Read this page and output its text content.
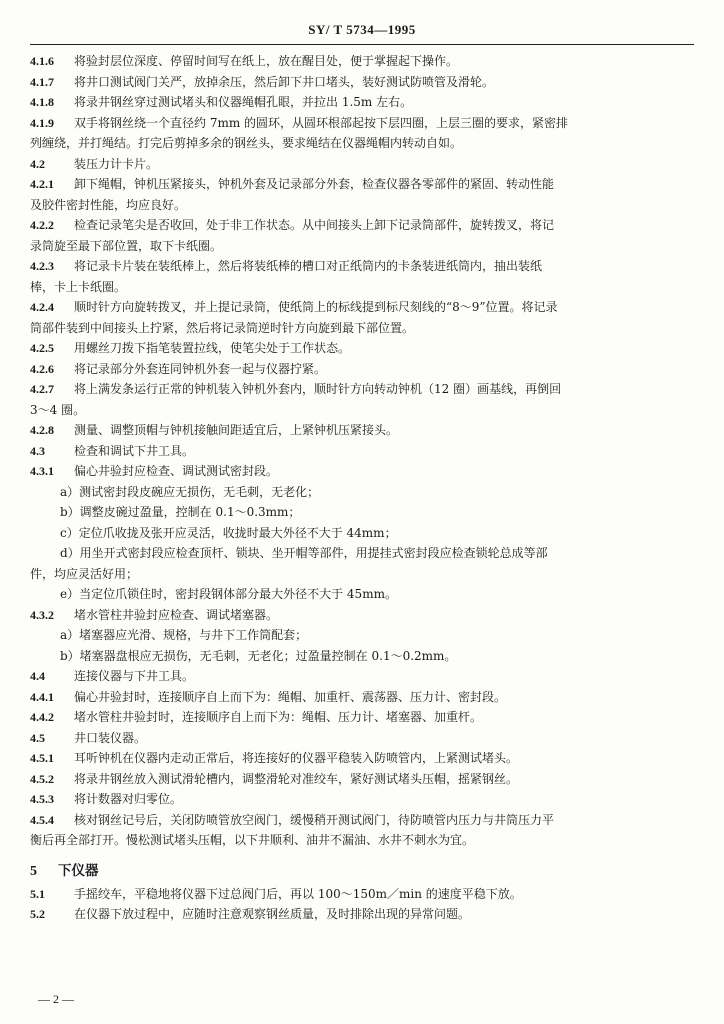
SY/ T 5734—1995
4.1.6 将验封层位深度、停留时间写在纸上，放在醒目处，便于掌握起下操作。
4.1.7 将井口测试阀门关严，放掉余压，然后卸下井口堵头，装好测试防喷管及滑轮。
4.1.8 将录井钢丝穿过测试堵头和仪器绳帽孔眼，并拉出 1.5m 左右。
4.1.9 双手将钢丝绕一个直径约 7mm 的圆环，从圆环根部起按下层四圈，上层三圈的要求，紧密排
列缠绕，并打绳结。打完后剪掉多余的钢丝头，要求绳结在仪器绳帽内转动自如。
4.2 装压力计卡片。
4.2.1 卸下绳帽，钟机压紧接头，钟机外套及记录部分外套，检查仪器各零部件的紧固、转动性能
及胶件密封性能，均应良好。
4.2.2 检查记录笔尖是否收回，处于非工作状态。从中间接头上卸下记录筒部件，旋转拨叉，将记
录筒旋至最下部位置，取下卡纸圈。
4.2.3 将记录卡片装在装纸棒上，然后将装纸棒的槽口对正纸筒内的卡条装进纸筒内，抽出装纸
棒，卡上卡纸圈。
4.2.4 顺时针方向旋转拨叉，并上提记录筒，使纸筒上的标线提到标尺刻线的“8～9”位置。将记录
筒部件装到中间接头上拧紧，然后将记录筒逆时针方向旋到最下部位置。
4.2.5 用螺丝刀拨下指笔装置拉线，使笔尖处于工作状态。
4.2.6 将记录部分外套连同钟机外套一起与仪器拧紧。
4.2.7 将上满发条运行正常的钟机装入钟机外套内，顺时针方向转动钟机（12 圈）画基线，再倒回
3～4 圈。
4.2.8 测量、调整顶帽与钟机接触间距适宜后，上紧钟机压紧接头。
4.3 检查和调试下井工具。
4.3.1 偏心井验封应检查、调试测试密封段。
a）测试密封段皮碗应无损伤，无毛刺，无老化；
b）调整皮碗过盈量，控制在 0.1～0.3mm；
c）定位爪收拢及张开应灵活，收拢时最大外径不大于 44mm；
d）用坐开式密封段应检查顶杆、锁块、坐开帽等部件，用提挂式密封段应检查锁轮总成等部
件，均应灵活好用；
e）当定位爪锁住时，密封段钢体部分最大外径不大于 45mm。
4.3.2 堵水管柱井验封应检查、调试堵塞器。
a）堵塞器应光滑、规格，与井下工作筒配套；
b）堵塞器盘根应无损伤，无毛刺，无老化；过盈量控制在 0.1～0.2mm。
4.4 连接仪器与下井工具。
4.4.1 偏心井验封时，连接顺序自上而下为：绳帽、加重杆、震荡器、压力计、密封段。
4.4.2 堵水管柱井验封时，连接顺序自上而下为：绳帽、压力计、堵塞器、加重杆。
4.5 井口装仪器。
4.5.1 耳听钟机在仪器内走动正常后，将连接好的仪器平稳装入防喷管内，上紧测试堵头。
4.5.2 将录井钢丝放入测试滑轮槽内，调整滑轮对准绞车，紧好测试堵头压帽，摇紧钢丝。
4.5.3 将计数器对归零位。
4.5.4 核对钢丝记号后，关闭防喷管放空阀门，缓慢稍开测试阀门，待防喷管内压力与井筒压力平
衡后再全部打开。慢松测试堵头压帽，以下井顺利、油井不漏油、水井不刺水为宜。
5 下仪器
5.1 手摇绞车，平稳地将仪器下过总阀门后，再以 100～150m／min 的速度平稳下放。
5.2 在仪器下放过程中，应随时注意观察钢丝质量，及时排除出现的异常问题。
— 2 —
